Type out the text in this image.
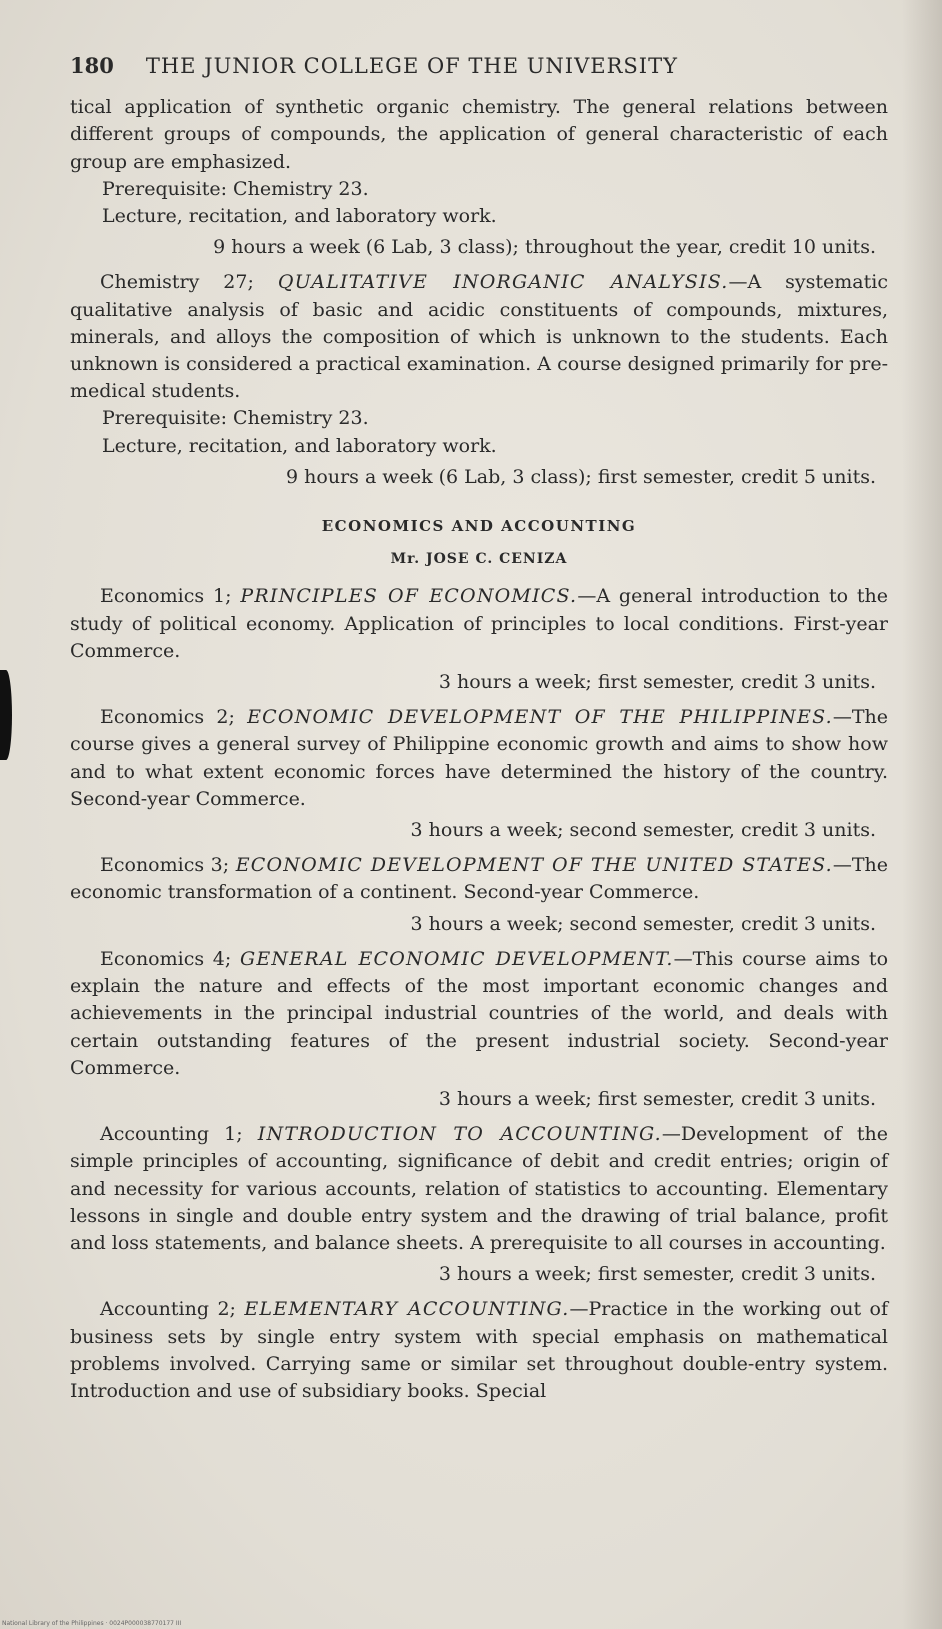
180 THE JUNIOR COLLEGE OF THE UNIVERSITY

tical application of synthetic organic chemistry. The general relations between different groups of compounds, the application of general characteristic of each group are emphasized.

Prerequisite: Chemistry 23.

Lecture, recitation, and laboratory work.

9 hours a week (6 Lab, 3 class); throughout the year, credit 10 units.

Chemistry 27; QUALITATIVE INORGANIC ANALYSIS.—A systematic qualitative analysis of basic and acidic constituents of compounds, mixtures, minerals, and alloys the composition of which is unknown to the students. Each unknown is considered a practical examination. A course designed primarily for pre-medical students.

Prerequisite: Chemistry 23.

Lecture, recitation, and laboratory work.

9 hours a week (6 Lab, 3 class); first semester, credit 5 units.

ECONOMICS AND ACCOUNTING
Mr. JOSE C. CENIZA

Economics 1; PRINCIPLES OF ECONOMICS.—A general introduction to the study of political economy. Application of principles to local conditions. First-year Commerce.

3 hours a week; first semester, credit 3 units.

Economics 2; ECONOMIC DEVELOPMENT OF THE PHILIPPINES.—The course gives a general survey of Philippine economic growth and aims to show how and to what extent economic forces have determined the history of the country. Second-year Commerce.

3 hours a week; second semester, credit 3 units.

Economics 3; ECONOMIC DEVELOPMENT OF THE UNITED STATES.—The economic transformation of a continent. Second-year Commerce.

3 hours a week; second semester, credit 3 units.

Economics 4; GENERAL ECONOMIC DEVELOPMENT.—This course aims to explain the nature and effects of the most important economic changes and achievements in the principal industrial countries of the world, and deals with certain outstanding features of the present industrial society. Second-year Commerce.

3 hours a week; first semester, credit 3 units.

Accounting 1; INTRODUCTION TO ACCOUNTING.—Development of the simple principles of accounting, significance of debit and credit entries; origin of and necessity for various accounts, relation of statistics to accounting. Elementary lessons in single and double entry system and the drawing of trial balance, profit and loss statements, and balance sheets. A prerequisite to all courses in accounting.

3 hours a week; first semester, credit 3 units.

Accounting 2; ELEMENTARY ACCOUNTING.—Practice in the working out of business sets by single entry system with special emphasis on mathematical problems involved. Carrying same or similar set throughout double-entry system. Introduction and use of subsidiary books. Special

National Library of the Philippines · 0024P000038770177 III
